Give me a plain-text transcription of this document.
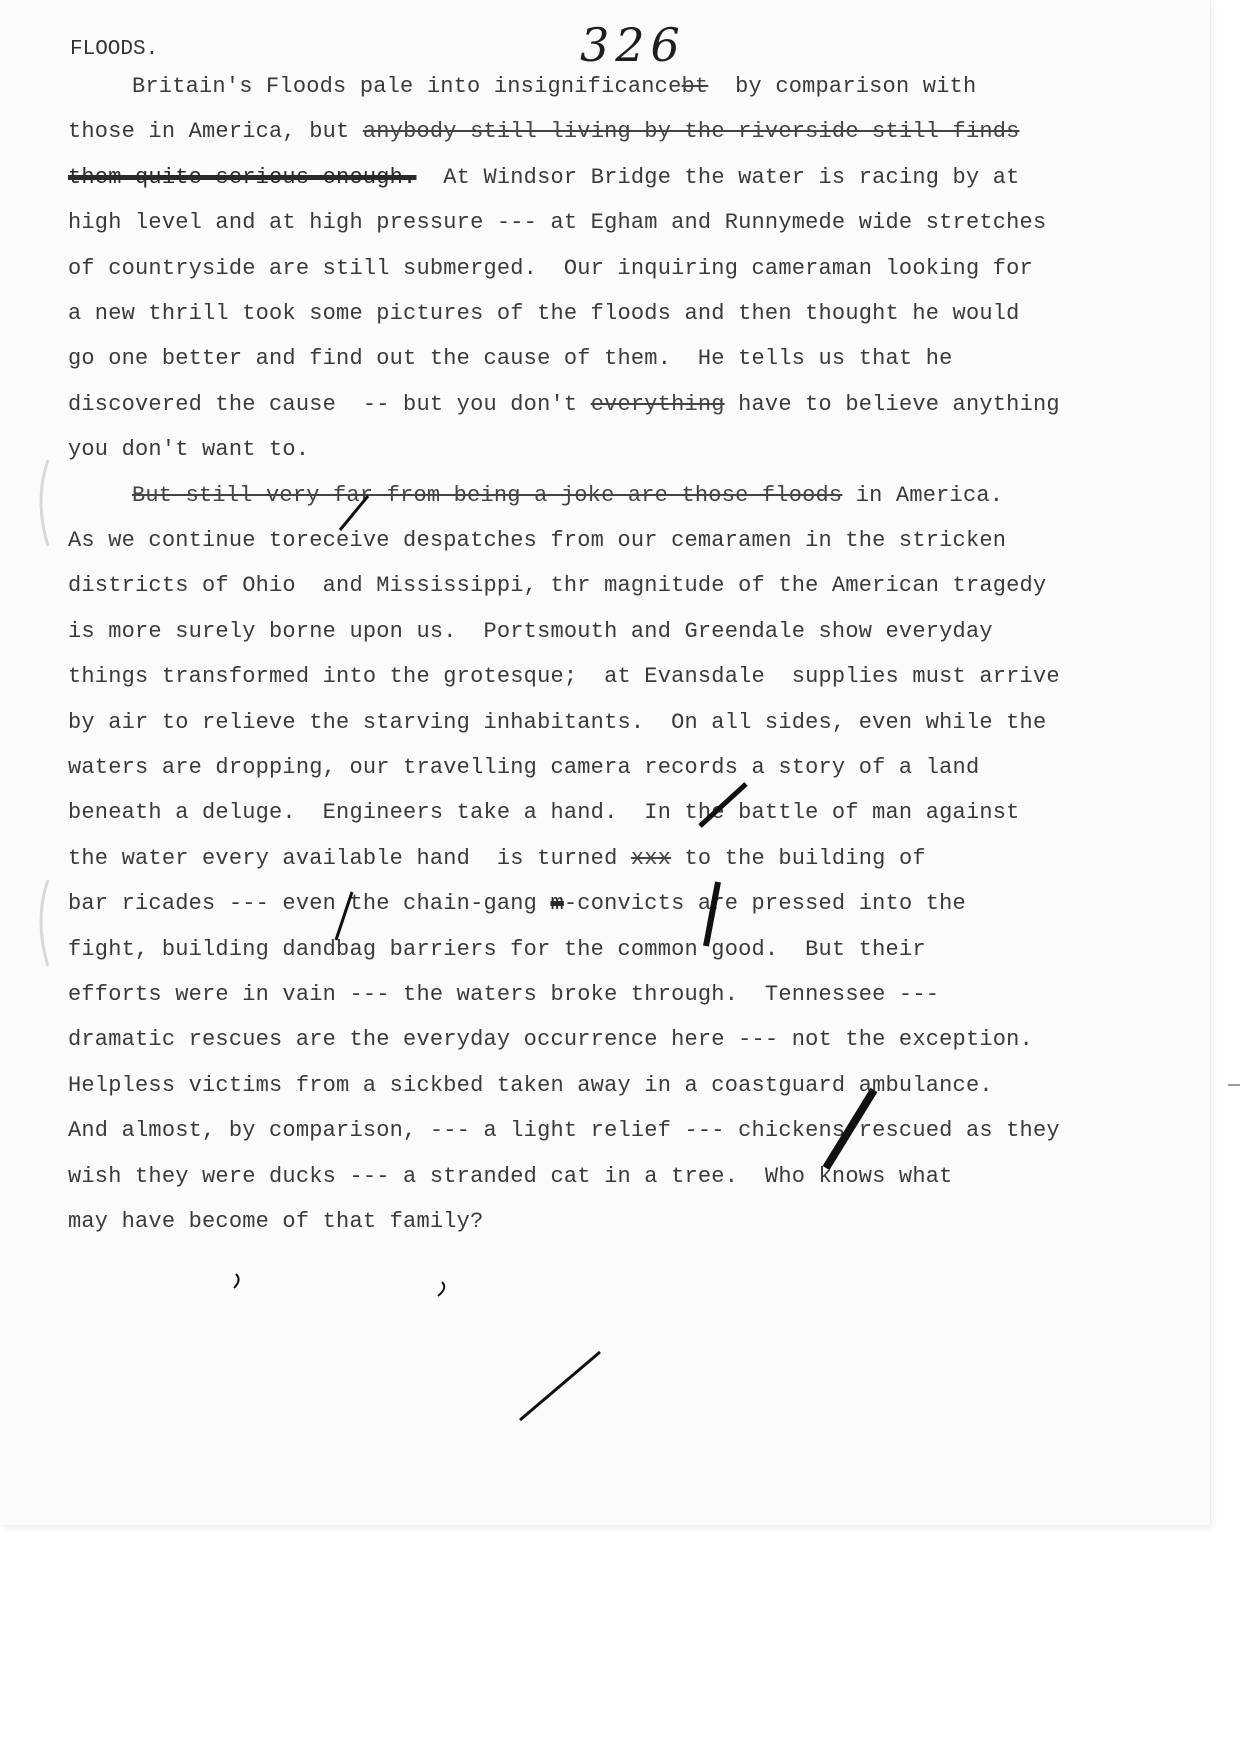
326
FLOODS.
Britain's Floods pale into insignificancebt  by comparison with
those in America, but anybody still living by the riverside still finds
them quite serious enough.  At Windsor Bridge the water is racing by at
high level and at high pressure --- at Egham and Runnymede wide stretches
of countryside are still submerged.  Our inquiring cameraman looking for
a new thrill took some pictures of the floods and then thought he would
go one better and find out the cause of them.  He tells us that he
discovered the cause  -- but you don't everything have to believe anything
you don't want to.
But still very far from being a joke are those floods in America.
As we continue toreceive despatches from our cemaramen in the stricken
districts of Ohio  and Mississippi, thr magnitude of the American tragedy
is more surely borne upon us.  Portsmouth and Greendale show everyday
things transformed into the grotesque;  at Evansdale  supplies must arrive
by air to relieve the starving inhabitants.  On all sides, even while the
waters are dropping, our travelling camera records a story of a land
beneath a deluge.  Engineers take a hand.  In the battle of man against
the water every available hand  is turned xxx to the building of
bar ricades --- even the chain-gang m-convicts are pressed into the
fight, building dandbag barriers for the common good.  But their
efforts were in vain --- the waters broke through.  Tennessee ---
dramatic rescues are the everyday occurrence here --- not the exception.
Helpless victims from a sickbed taken away in a coastguard ambulance.
And almost, by comparison, --- a light relief --- chickens rescued as they
wish they were ducks --- a stranded cat in a tree.  Who knows what
may have become of that family?
